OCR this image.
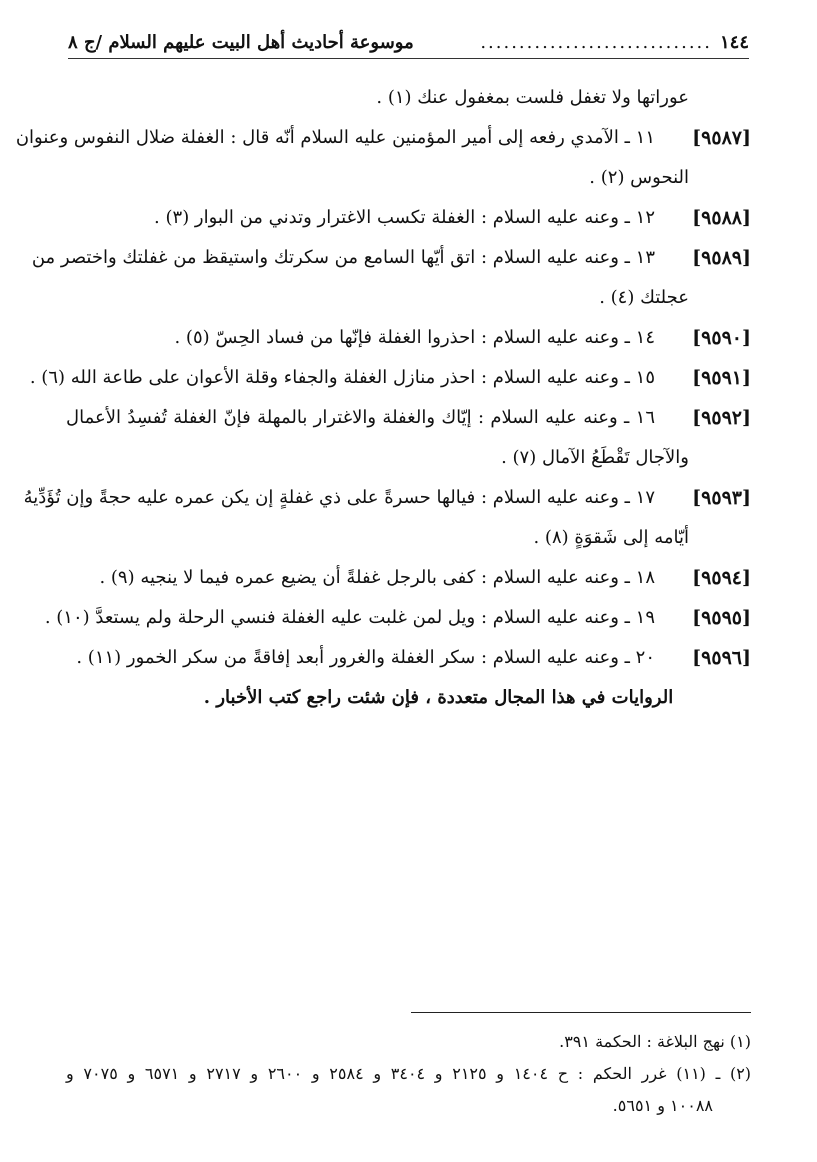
١٤٤
..............................
موسوعة أحاديث أهل البيت عليهم السلام /ج ٨
عوراتها ولا تغفل فلست بمغفول عنك (١) .
[٩٥٨٧]
١١ ـ الآمدي رفعه إلى أمير المؤمنين عليه السلام أنّه قال : الغفلة ضلال النفوس وعنوان
النحوس (٢) .
[٩٥٨٨]
١٢ ـ وعنه عليه السلام : الغفلة تكسب الاغترار وتدني من البوار (٣) .
[٩٥٨٩]
١٣ ـ وعنه عليه السلام : اتق أيّها السامع من سكرتك واستيقظ من غفلتك واختصر من
عجلتك (٤) .
[٩٥٩٠]
١٤ ـ وعنه عليه السلام : احذروا الغفلة فإنّها من فساد الحِسّ (٥) .
[٩٥٩١]
١٥ ـ وعنه عليه السلام : احذر منازل الغفلة والجفاء وقلة الأعوان على طاعة الله (٦) .
[٩٥٩٢]
١٦ ـ وعنه عليه السلام : إيّاك والغفلة والاغترار بالمهلة فإنّ الغفلة تُفسِدُ الأعمال
والآجال تَقْطَعُ الآمال (٧) .
[٩٥٩٣]
١٧ ـ وعنه عليه السلام : فيالها حسرةً على ذي غفلةٍ إن يكن عمره عليه حجةً وإن تُؤَدِّيهُ
أيّامه إلى شَقوَةٍ (٨) .
[٩٥٩٤]
١٨ ـ وعنه عليه السلام : كفى بالرجل غفلةً أن يضيع عمره فيما لا ينجيه (٩) .
[٩٥٩٥]
١٩ ـ وعنه عليه السلام : ويل لمن غلبت عليه الغفلة فنسي الرحلة ولم يستعدَّ (١٠) .
[٩٥٩٦]
٢٠ ـ وعنه عليه السلام : سكر الغفلة والغرور أبعد إفاقةً من سكر الخمور (١١) .
الروايات في هذا المجال متعددة ، فإن شئت راجع كتب الأخبار .
(١) نهج البلاغة : الحكمة ٣٩١.
(٢) ـ (١١) غرر الحكم : ح ١٤٠٤ و ٢١٢٥ و ٣٤٠٤ و ٢٥٨٤ و ٢٦٠٠ و ٢٧١٧ و ٦٥٧١ و ٧٠٧٥ و
١٠٠٨٨ و ٥٦٥١.
